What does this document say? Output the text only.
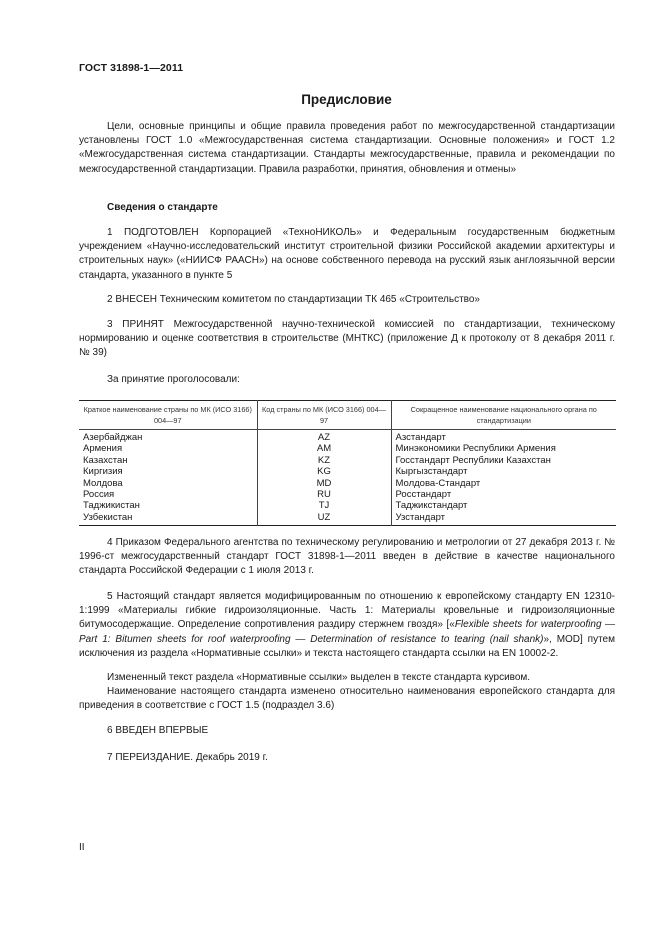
ГОСТ 31898-1—2011
Предисловие

Цели, основные принципы и общие правила проведения работ по межгосударственной стандартизации установлены ГОСТ 1.0 «Межгосударственная система стандартизации. Основные положения» и ГОСТ 1.2 «Межгосударственная система стандартизации. Стандарты межгосударственные, правила и рекомендации по межгосударственной стандартизации. Правила разработки, принятия, обновления и отмены»

Сведения о стандарте

1 ПОДГОТОВЛЕН Корпорацией «ТехноНИКОЛЬ» и Федеральным государственным бюджетным учреждением «Научно-исследовательский институт строительной физики Российской академии архитектуры и строительных наук» («НИИСФ РААСН») на основе собственного перевода на русский язык англоязычной версии стандарта, указанного в пункте 5

2 ВНЕСЕН Техническим комитетом по стандартизации ТК 465 «Строительство»

3 ПРИНЯТ Межгосударственной научно-технической комиссией по стандартизации, техническому нормированию и оценке соответствия в строительстве (МНТКС) (приложение Д к протоколу от 8 декабря 2011 г. № 39)

За принятие проголосовали:
Краткое наименование страны по МК (ИСО 3166) 004—97	Код страны по МК (ИСО 3166) 004—97	Сокращенное наименование национального органа по стандартизации
Азербайджан	AZ	Азстандарт
Армения	AM	Минэкономики Республики Армения
Казахстан	KZ	Госстандарт Республики Казахстан
Киргизия	KG	Кыргызстандарт
Молдова	MD	Молдова-Стандарт
Россия	RU	Росстандарт
Таджикистан	TJ	Таджикстандарт
Узбекистан	UZ	Узстандарт

4 Приказом Федерального агентства по техническому регулированию и метрологии от 27 декабря 2013 г. № 1996-ст межгосударственный стандарт ГОСТ 31898-1—2011 введен в действие в качестве национального стандарта Российской Федерации с 1 июля 2013 г.

5 Настоящий стандарт является модифицированным по отношению к европейскому стандарту EN 12310-1:1999 «Материалы гибкие гидроизоляционные. Часть 1: Материалы кровельные и гидроизоляционные битумосодержащие. Определение сопротивления раздиру стержнем гвоздя» [«Flexible sheets for waterproofing — Part 1: Bitumen sheets for roof waterproofing — Determination of resistance to tearing (nail shank)», MOD] путем исключения из раздела «Нормативные ссылки» и текста настоящего стандарта ссылки на EN 10002-2.

Измененный текст раздела «Нормативные ссылки» выделен в тексте стандарта курсивом.

Наименование настоящего стандарта изменено относительно наименования европейского стандарта для приведения в соответствие с ГОСТ 1.5 (подраздел 3.6)

6 ВВЕДЕН ВПЕРВЫЕ

7 ПЕРЕИЗДАНИЕ. Декабрь 2019 г.

II
